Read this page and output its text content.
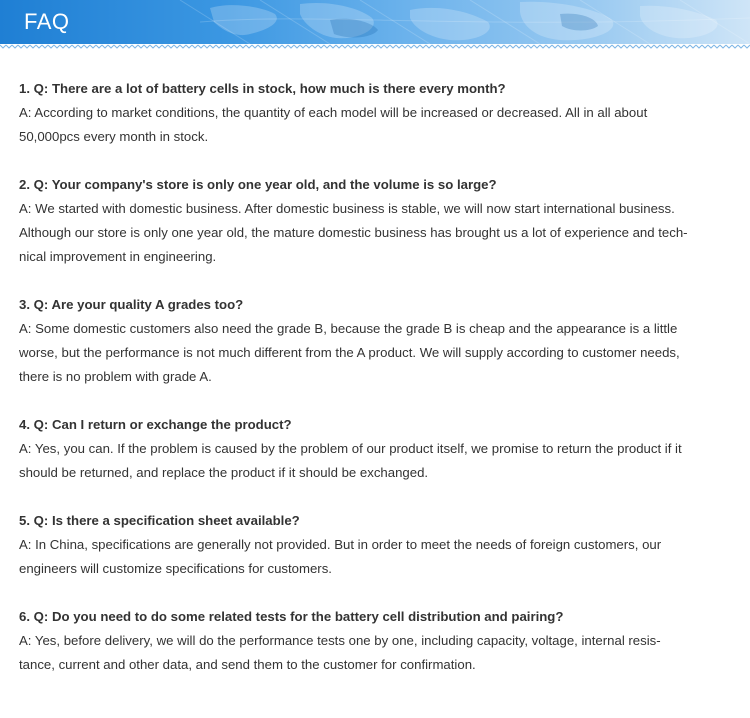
FAQ

1. Q: There are a lot of battery cells in stock, how much is there every month?

A: According to market conditions, the quantity of each model will be increased or decreased. All in all about

50,000pcs every month in stock.

2. Q: Your company's store is only one year old, and the volume is so large?

A: We started with domestic business. After domestic business is stable, we will now start international business.

Although our store is only one year old, the mature domestic business has brought us a lot of experience and tech-

nical improvement in engineering.

3. Q: Are your quality A grades too?

A: Some domestic customers also need the grade B, because the grade B is cheap and the appearance is a little

worse, but the performance is not much different from the A product. We will supply according to customer needs,

there is no problem with grade A.

4. Q: Can I return or exchange the product?

A: Yes, you can. If the problem is caused by the problem of our product itself, we promise to return the product if it

should be returned, and replace the product if it should be exchanged.

5. Q: Is there a specification sheet available?

A: In China, specifications are generally not provided. But in order to meet the needs of foreign customers, our

engineers will customize specifications for customers.

6. Q: Do you need to do some related tests for the battery cell distribution and pairing?

A: Yes, before delivery, we will do the performance tests one by one, including capacity, voltage, internal resis-

tance, current and other data, and send them to the customer for confirmation.
